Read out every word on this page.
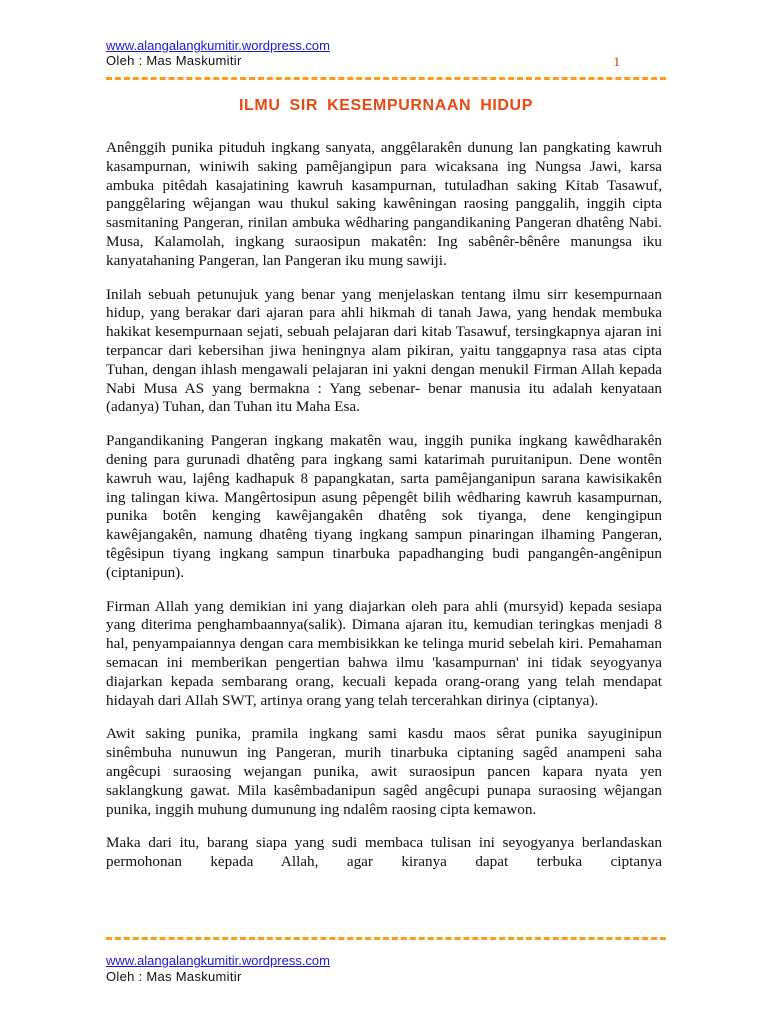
www.alangalangkumitir.wordpress.com
Oleh : Mas Maskumitir	1
ILMU SIR KESEMPURNAAN HIDUP

Anênggih punika pituduh ingkang sanyata, anggêlarakên dunung lan pangkating kawruh kasampurnan, winiwih saking pamêjangipun para wicaksana ing Nungsa Jawi, karsa ambuka pitêdah kasajatining kawruh kasampurnan, tutuladhan saking Kitab Tasawuf, panggêlaring wêjangan wau thukul saking kawêningan raosing panggalih, inggih cipta sasmitaning Pangeran, rinilan ambuka wêdharing pangandikaning Pangeran dhatêng Nabi. Musa, Kalamolah, ingkang suraosipun makatên: Ing sabênêr-bênêre manungsa iku kanyatahaning Pangeran, lan Pangeran iku mung sawiji.

Inilah sebuah petunujuk yang benar yang menjelaskan tentang ilmu sirr kesempurnaan hidup, yang berakar dari ajaran para ahli hikmah di tanah Jawa, yang hendak membuka hakikat kesempurnaan sejati, sebuah pelajaran dari kitab Tasawuf, tersingkapnya ajaran ini terpancar dari kebersihan jiwa heningnya alam pikiran, yaitu tanggapnya rasa atas cipta Tuhan, dengan ihlash mengawali pelajaran ini yakni dengan menukil Firman Allah kepada Nabi Musa AS yang bermakna : Yang sebenar- benar manusia itu adalah kenyataan (adanya) Tuhan, dan Tuhan itu Maha Esa.

Pangandikaning Pangeran ingkang makatên wau, inggih punika ingkang kawêdharakên dening para gurunadi dhatêng para ingkang sami katarimah puruitanipun. Dene wontên kawruh wau, lajêng kadhapuk 8 papangkatan, sarta pamêjanganipun sarana kawisikakên ing talingan kiwa. Mangêrtosipun asung pêpengêt bilih wêdharing kawruh kasampurnan, punika botên kenging kawêjangakên dhatêng sok tiyanga, dene kengingipun kawêjangakên, namung dhatêng tiyang ingkang sampun pinaringan ilhaming Pangeran, têgêsipun tiyang ingkang sampun tinarbuka papadhanging budi pangangên-angênipun (ciptanipun).

Firman Allah yang demikian ini yang diajarkan oleh para ahli (mursyid) kepada sesiapa yang diterima penghambaannya(salik). Dimana ajaran itu, kemudian teringkas menjadi 8 hal, penyampaiannya dengan cara membisikkan ke telinga murid sebelah kiri. Pemahaman semacan ini memberikan pengertian bahwa ilmu 'kasampurnan' ini tidak seyogyanya diajarkan kepada sembarang orang, kecuali kepada orang-orang yang telah mendapat hidayah dari Allah SWT, artinya orang yang telah tercerahkan dirinya (ciptanya).

Awit saking punika, pramila ingkang sami kasdu maos sêrat punika sayuginipun sinêmbuha nunuwun ing Pangeran, murih tinarbuka ciptaning sagêd anampeni saha angêcupi suraosing wejangan punika, awit suraosipun pancen kapara nyata yen saklangkung gawat. Mila kasêmbadanipun sagêd angêcupi punapa suraosing wêjangan punika, inggih muhung dumunung ing ndalêm raosing cipta kemawon.

Maka dari itu, barang siapa yang sudi membaca tulisan ini seyogyanya berlandaskan permohonan kepada Allah, agar kiranya dapat terbuka ciptanya

www.alangalangkumitir.wordpress.com
Oleh : Mas Maskumitir
